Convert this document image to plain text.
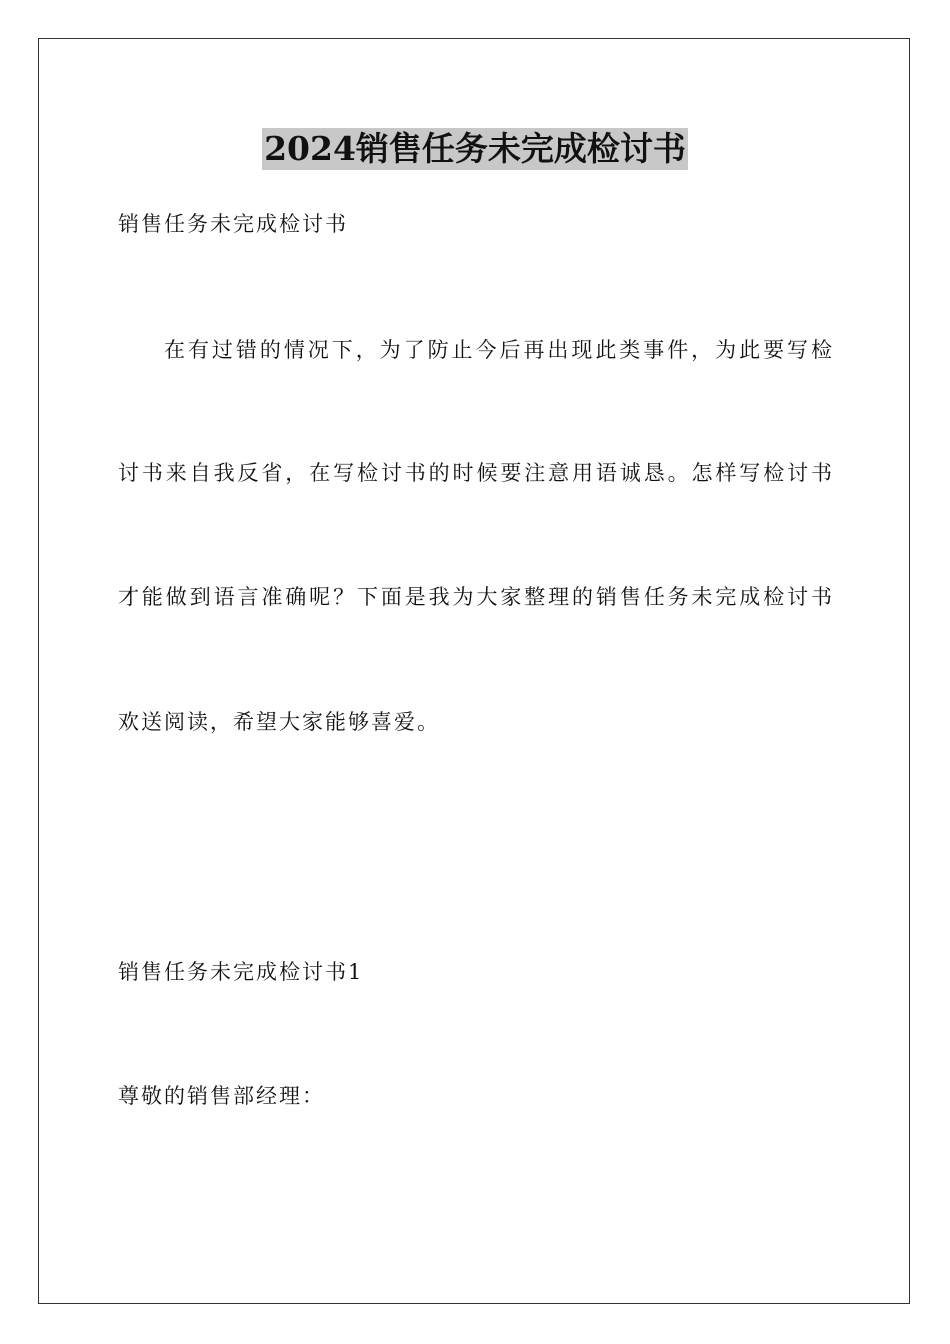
2024销售任务未完成检讨书
销售任务未完成检讨书
在有过错的情况下，为了防止今后再出现此类事件，为此要写检
讨书来自我反省，在写检讨书的时候要注意用语诚恳。怎样写检讨书
才能做到语言准确呢？下面是我为大家整理的销售任务未完成检讨书
欢送阅读，希望大家能够喜爱。
销售任务未完成检讨书1
尊敬的销售部经理：
